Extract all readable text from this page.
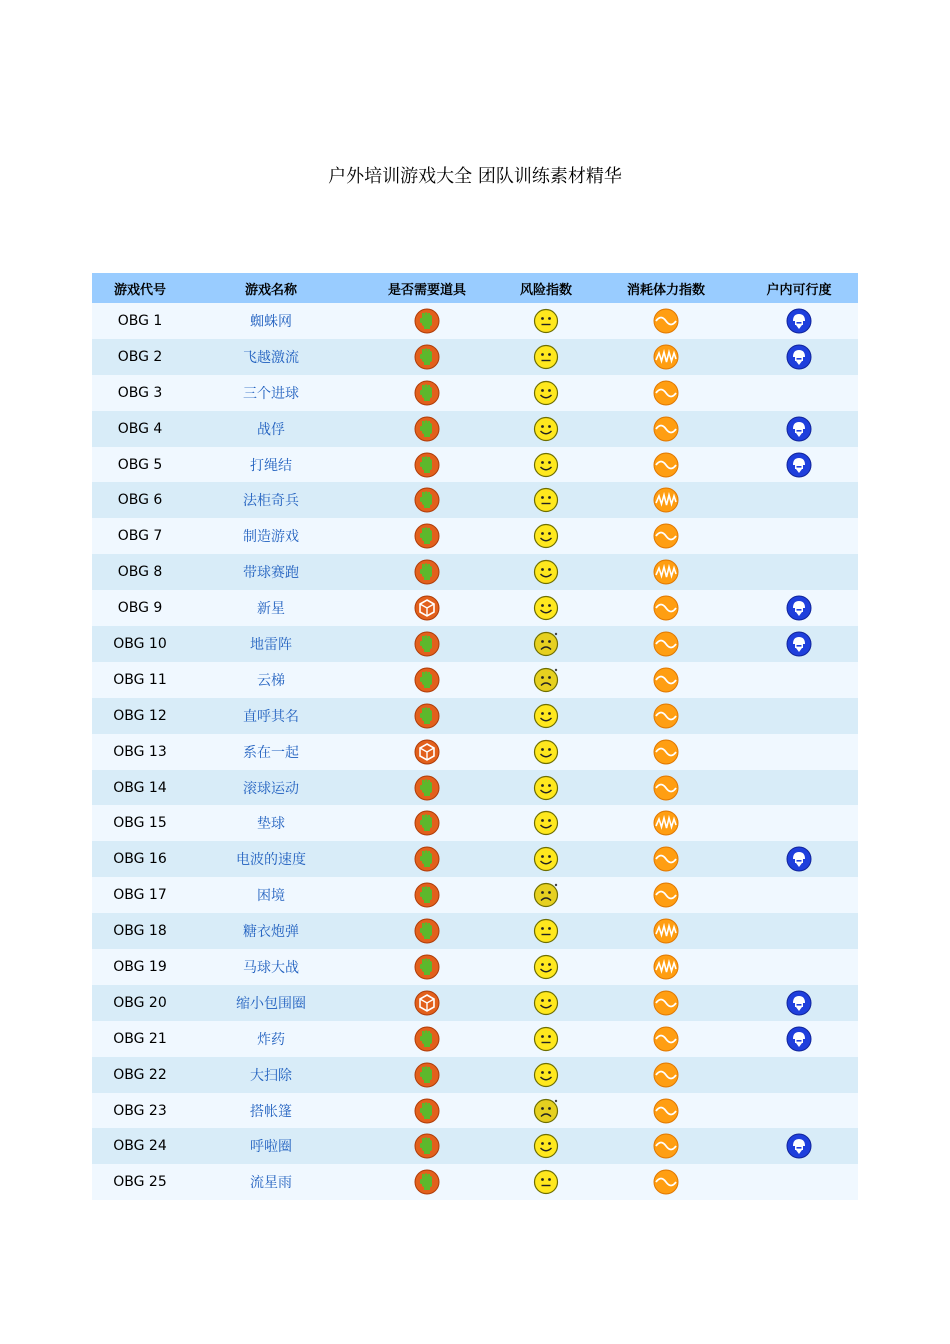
户外培训游戏大全 团队训练素材精华
游戏代号	游戏名称	是否需要道具	风险指数	消耗体力指数	户内可行度
OBG 1	蜘蛛网	

OBG 2	飞越激流	

OBG 3	三个进球	

OBG 4	战俘	

OBG 5	打绳结	

OBG 6	法柜奇兵	

OBG 7	制造游戏	

OBG 8	带球赛跑	

OBG 9	新星	

OBG 10	地雷阵	

OBG 11	云梯	

OBG 12	直呼其名	

OBG 13	系在一起	

OBG 14	滚球运动	

OBG 15	垫球	

OBG 16	电波的速度	

OBG 17	困境	

OBG 18	糖衣炮弹	

OBG 19	马球大战	

OBG 20	缩小包围圈	

OBG 21	炸药	

OBG 22	大扫除	

OBG 23	搭帐篷	

OBG 24	呼啦圈	

OBG 25	流星雨	
